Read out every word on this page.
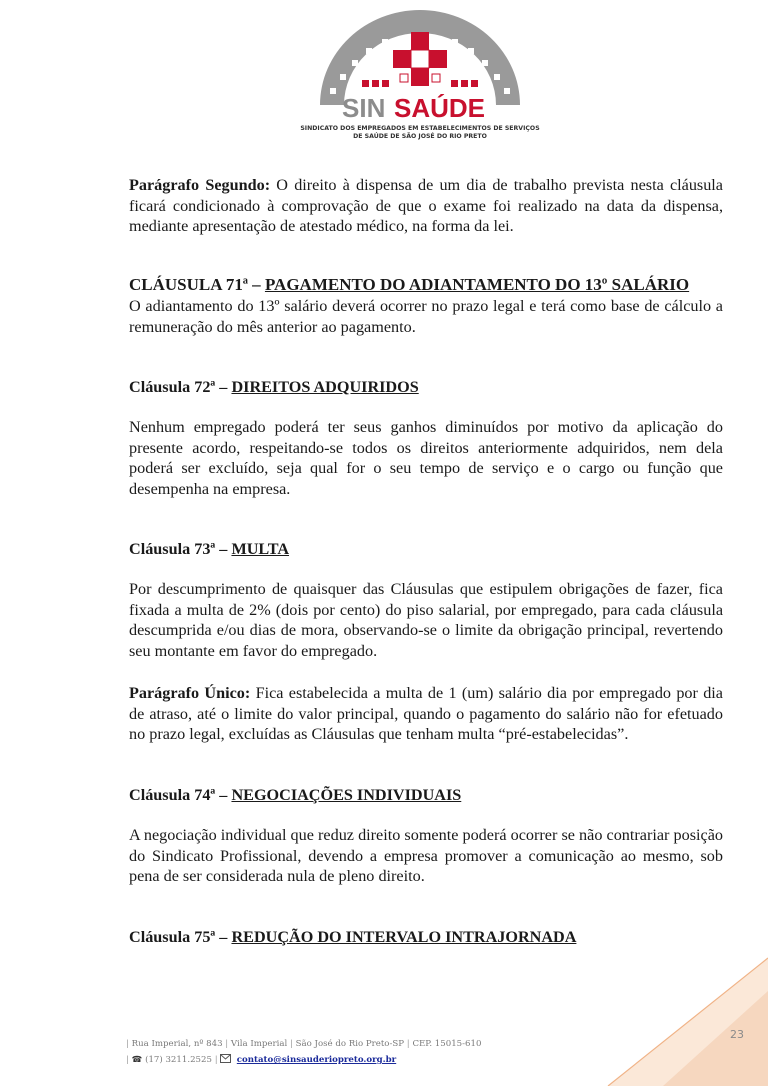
SIN SAÚDE
SINDICATO DOS EMPREGADOS EM ESTABELECIMENTOS DE SERVIÇOS
DE SAÚDE DE SÃO JOSÉ DO RIO PRETO

Parágrafo Segundo: O direito à dispensa de um dia de trabalho prevista nesta cláusula ficará condicionado à comprovação de que o exame foi realizado na data da dispensa, mediante apresentação de atestado médico, na forma da lei.

CLÁUSULA 71ª – PAGAMENTO DO ADIANTAMENTO DO 13º SALÁRIO

O adiantamento do 13º salário deverá ocorrer no prazo legal e terá como base de cálculo a remuneração do mês anterior ao pagamento.

Cláusula 72ª – DIREITOS ADQUIRIDOS

Nenhum empregado poderá ter seus ganhos diminuídos por motivo da aplicação do presente acordo, respeitando-se todos os direitos anteriormente adquiridos, nem dela poderá ser excluído, seja qual for o seu tempo de serviço e o cargo ou função que desempenha na empresa.

Cláusula 73ª – MULTA

Por descumprimento de quaisquer das Cláusulas que estipulem obrigações de fazer, fica fixada a multa de 2% (dois por cento) do piso salarial, por empregado, para cada cláusula descumprida e/ou dias de mora, observando-se o limite da obrigação principal, revertendo seu montante em favor do empregado.

Parágrafo Único: Fica estabelecida a multa de 1 (um) salário dia por empregado por dia de atraso, até o limite do valor principal, quando o pagamento do salário não for efetuado no prazo legal, excluídas as Cláusulas que tenham multa “pré-estabelecidas”.

Cláusula 74ª – NEGOCIAÇÕES INDIVIDUAIS

A negociação individual que reduz direito somente poderá ocorrer se não contrariar posição do Sindicato Profissional, devendo a empresa promover a comunicação ao mesmo, sob pena de ser considerada nula de pleno direito.

Cláusula 75ª – REDUÇÃO DO INTERVALO INTRAJORNADA

23
| Rua Imperial, nº 843 | Vila Imperial | São José do Rio Preto-SP | CEP. 15015-610
| ☎ (17) 3211.2525 |
contato@sinsauderiopreto.org.br
